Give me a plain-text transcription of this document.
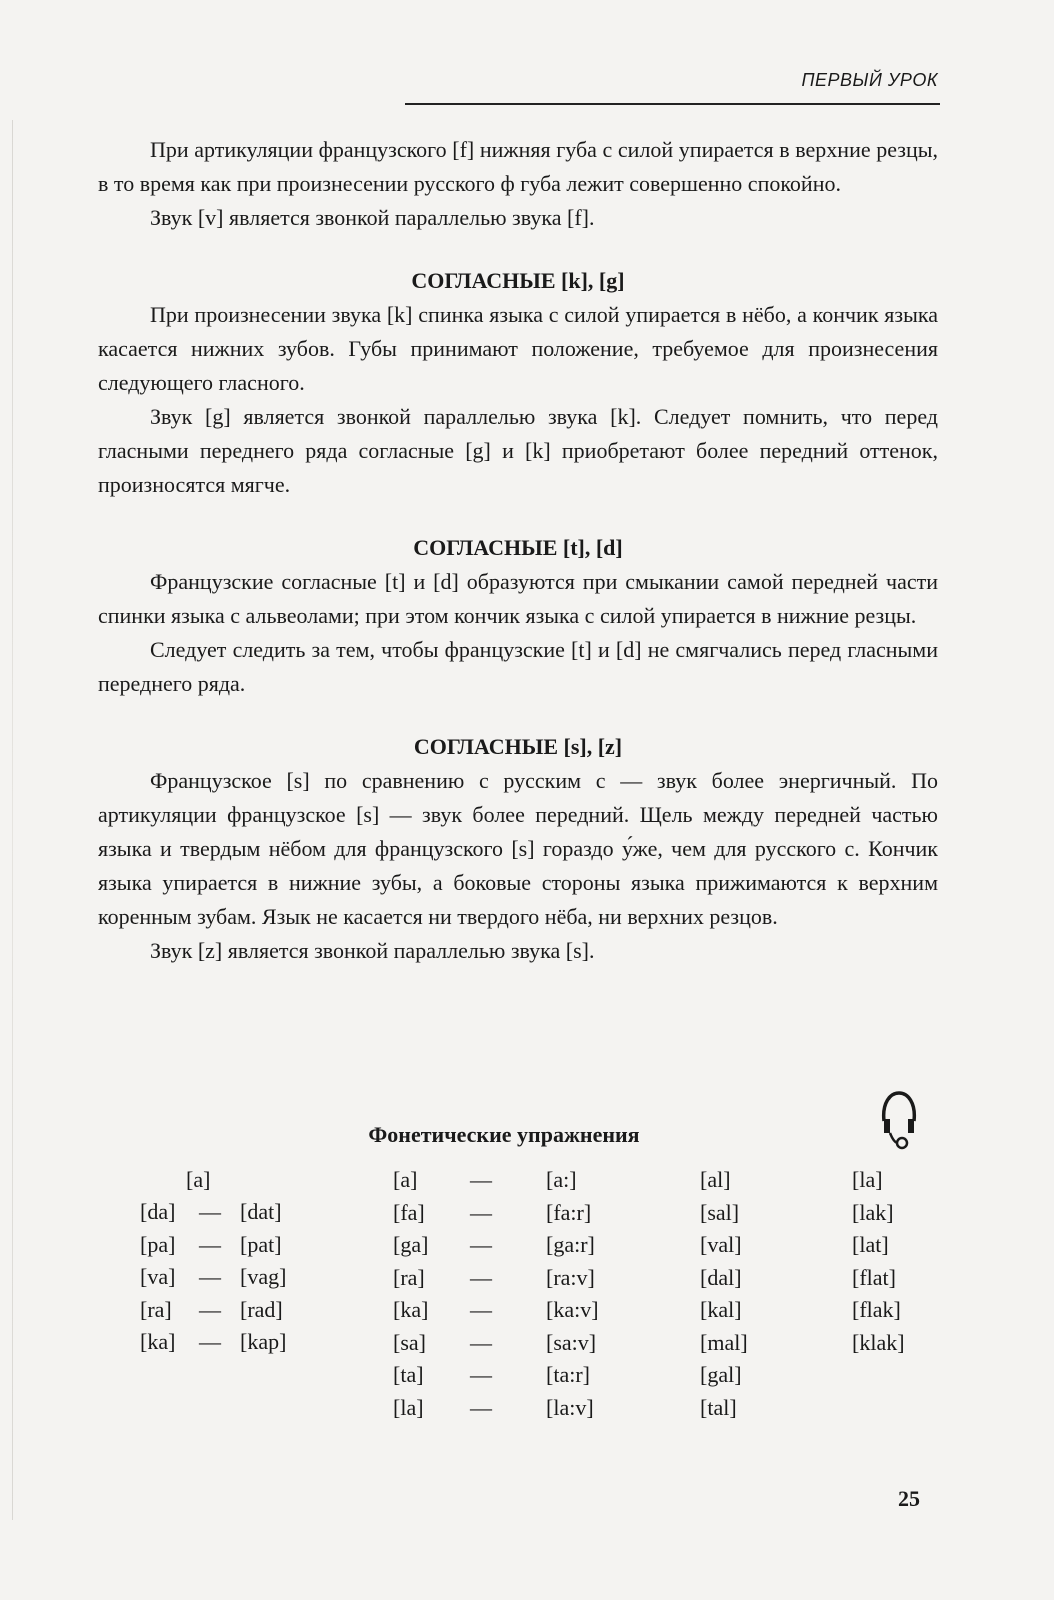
ПЕРВЫЙ УРОК

При артикуляции французского [f] нижняя губа с силой упирается в верхние резцы, в то время как при произнесении русского ф губа лежит совершенно спокойно.

Звук [v] является звонкой параллелью звука [f].

СОГЛАСНЫЕ [k], [g]

При произнесении звука [k] спинка языка с силой упирается в нёбо, а кончик языка касается нижних зубов. Губы принимают положение, требуемое для произнесения следующего гласного.

Звук [g] является звонкой параллелью звука [k]. Следует помнить, что перед гласными переднего ряда согласные [g] и [k] приобретают более передний оттенок, произносятся мягче.

СОГЛАСНЫЕ [t], [d]

Французские согласные [t] и [d] образуются при смыкании самой передней части спинки языка с альвеолами; при этом кончик языка с силой упирается в нижние резцы.

Следует следить за тем, чтобы французские [t] и [d] не смягчались перед гласными переднего ряда.

СОГЛАСНЫЕ [s], [z]

Французское [s] по сравнению с русским с — звук более энергичный. По артикуляции французское [s] — звук более передний. Щель между передней частью языка и твердым нёбом для французского [s] гораздо у́же, чем для русского с. Кончик языка упирается в нижние зубы, а боковые стороны языка прижимаются к верхним коренным зубам. Язык не касается ни твердого нёба, ни верхних резцов.

Звук [z] является звонкой параллелью звука [s].

Фонетические упражнения
[a]
[da]
[pa]
[va]
[ra]
[ka]
—
—
—
—
—
[dat]
[pat]
[vag]
[rad]
[kap]
[a]
[fa]
[ga]
[ra]
[ka]
[sa]
[ta]
[la]
—
—
—
—
—
—
—
—
[a:]
[fa:r]
[ga:r]
[ra:v]
[ka:v]
[sa:v]
[ta:r]
[la:v]
[al]
[sal]
[val]
[dal]
[kal]
[mal]
[gal]
[tal]
[la]
[lak]
[lat]
[flat]
[flak]
[klak]
25
